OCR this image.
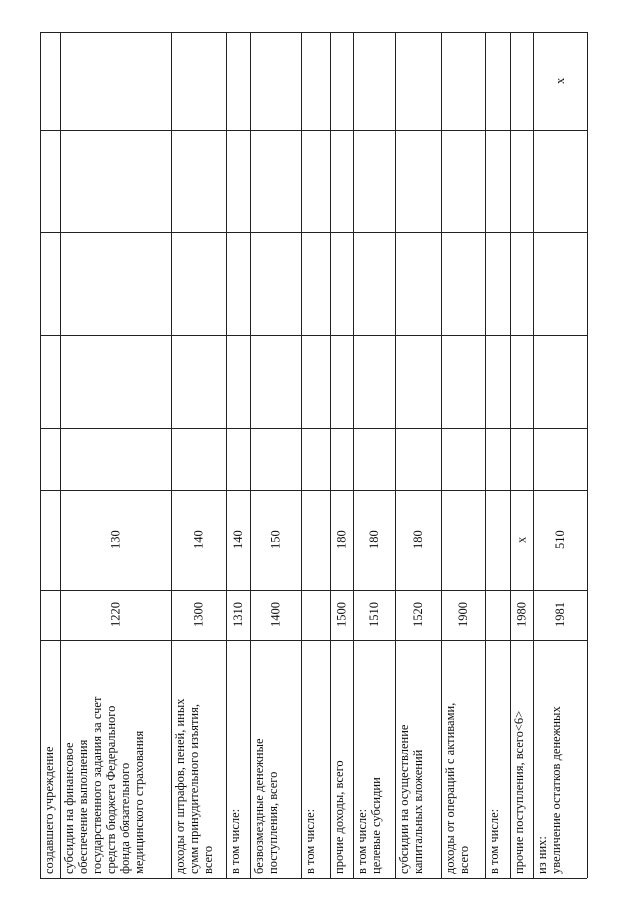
создавшего учреждение субсидии на финансовое
обеспечение выполнения
государственного задания за счет
средств бюджета Федерального
фонда обязательного
медицинского страхования
1220
130
доходы от штрафов, пеней, иных
сумм принудительного изъятия,
всего
1300
140
в том числе:
1310
140
безвозмездные денежные
поступления, всего
1400
150
в том числе: прочие доходы, всего
1500
180
в том числе:
целевые субсидии
1510
180
субсидии на осуществление
капитальных вложений
1520
180
доходы от операций с активами,
всего
1900
в том числе: прочие поступления, всего<6>
1980
х
из них:
увеличение остатков денежных
1981
510
х
